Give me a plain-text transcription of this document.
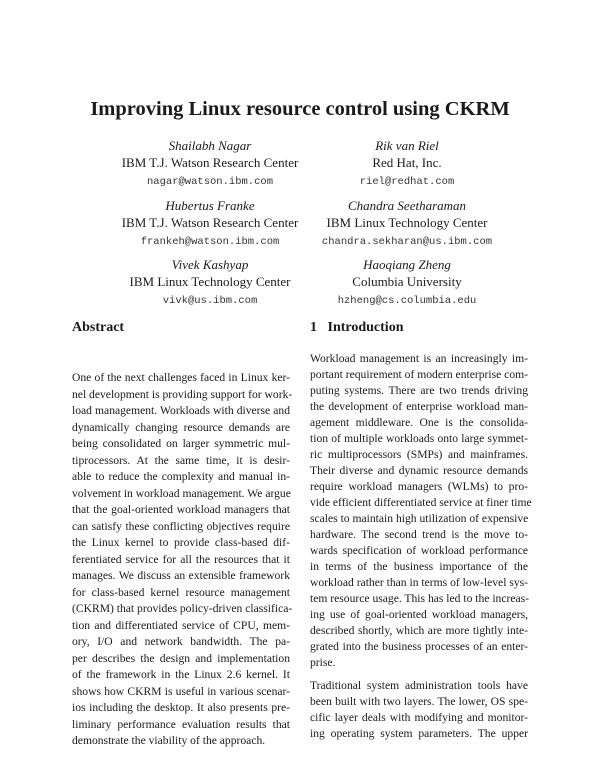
Improving Linux resource control using CKRM
Shailabh Nagar
IBM T.J. Watson Research Center
nagar@watson.ibm.com
Rik van Riel
Red Hat, Inc.
riel@redhat.com
Hubertus Franke
IBM T.J. Watson Research Center
frankeh@watson.ibm.com
Chandra Seetharaman
IBM Linux Technology Center
chandra.sekharan@us.ibm.com
Vivek Kashyap
IBM Linux Technology Center
vivk@us.ibm.com
Haoqiang Zheng
Columbia University
hzheng@cs.columbia.edu
Abstract	1 Introduction
One of the next challenges faced in Linux ker-
nel development is providing support for work-
load management. Workloads with diverse and
dynamically changing resource demands are
being consolidated on larger symmetric mul-
tiprocessors. At the same time, it is desir-
able to reduce the complexity and manual in-
volvement in workload management. We argue
that the goal-oriented workload managers that
can satisfy these conflicting objectives require
the Linux kernel to provide class-based dif-
ferentiated service for all the resources that it
manages. We discuss an extensible framework
for class-based kernel resource management
(CKRM) that provides policy-driven classifica-
tion and differentiated service of CPU, mem-
ory, I/O and network bandwidth. The pa-
per describes the design and implementation
of the framework in the Linux 2.6 kernel. It
shows how CKRM is useful in various scenar-
ios including the desktop. It also presents pre-
liminary performance evaluation results that
demonstrate the viability of the approach.
Workload management is an increasingly im-
portant requirement of modern enterprise com-
puting systems. There are two trends driving
the development of enterprise workload man-
agement middleware. One is the consolida-
tion of multiple workloads onto large symmet-
ric multiprocessors (SMPs) and mainframes.
Their diverse and dynamic resource demands
require workload managers (WLMs) to pro-
vide efficient differentiated service at finer time
scales to maintain high utilization of expensive
hardware. The second trend is the move to-
wards specification of workload performance
in terms of the business importance of the
workload rather than in terms of low-level sys-
tem resource usage. This has led to the increas-
ing use of goal-oriented workload managers,
described shortly, which are more tightly inte-
grated into the business processes of an enter-
prise.
Traditional system administration tools have
been built with two layers. The lower, OS spe-
cific layer deals with modifying and monitor-
ing operating system parameters. The upper
